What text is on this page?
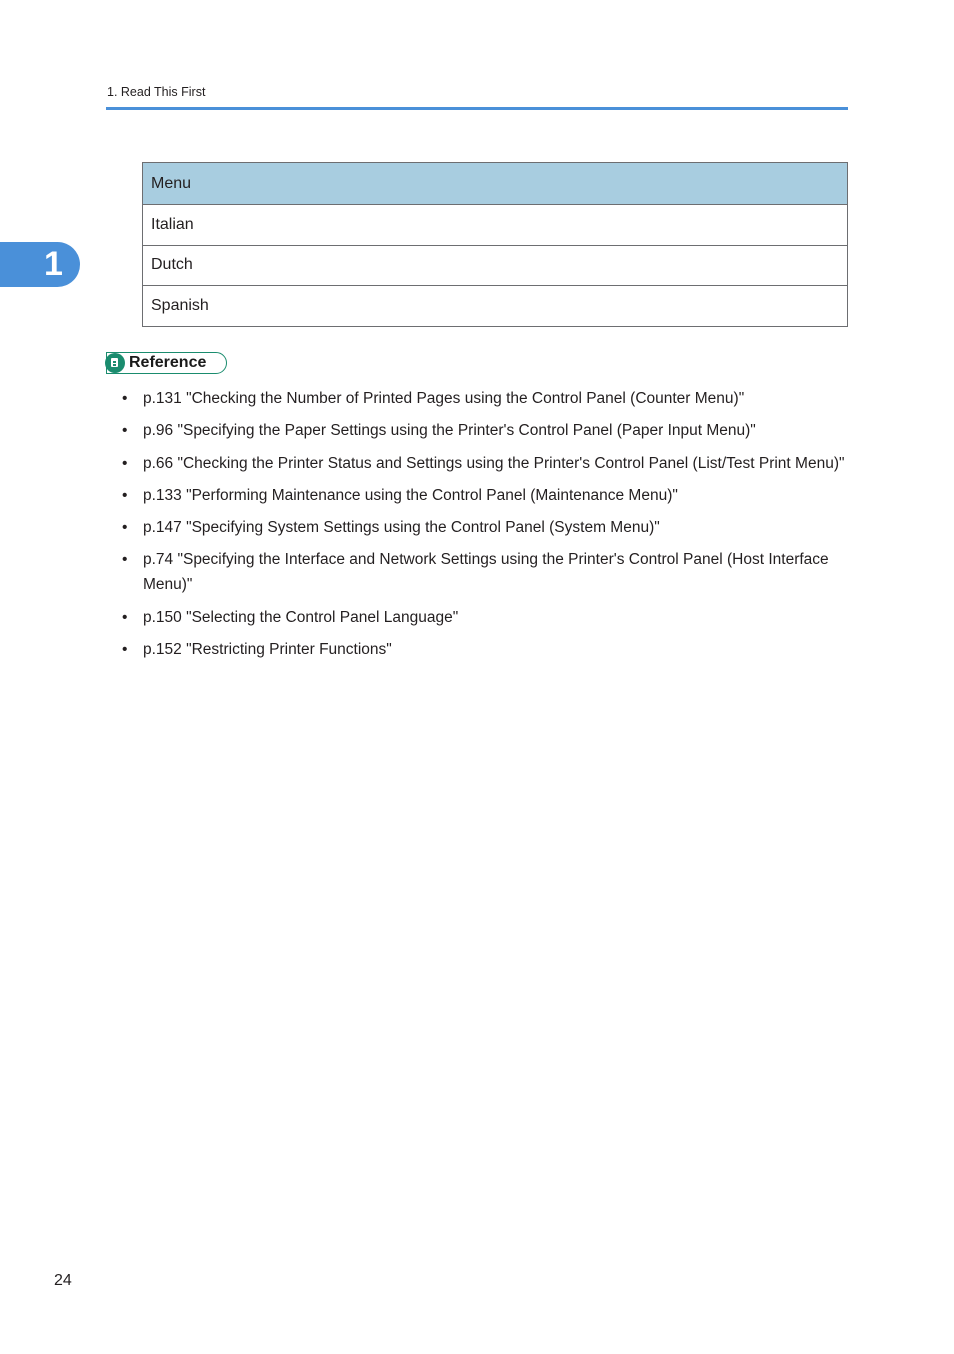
1. Read This First
1
Menu
Italian
Dutch
Spanish
Reference
• p.131 "Checking the Number of Printed Pages using the Control Panel (Counter Menu)"
• p.96 "Specifying the Paper Settings using the Printer's Control Panel (Paper Input Menu)"
• p.66 "Checking the Printer Status and Settings using the Printer's Control Panel (List/Test Print Menu)"
• p.133 "Performing Maintenance using the Control Panel (Maintenance Menu)"
• p.147 "Specifying System Settings using the Control Panel (System Menu)"
• p.74 "Specifying the Interface and Network Settings using the Printer's Control Panel (Host Interface Menu)"
• p.150 "Selecting the Control Panel Language"
• p.152 "Restricting Printer Functions"
24
